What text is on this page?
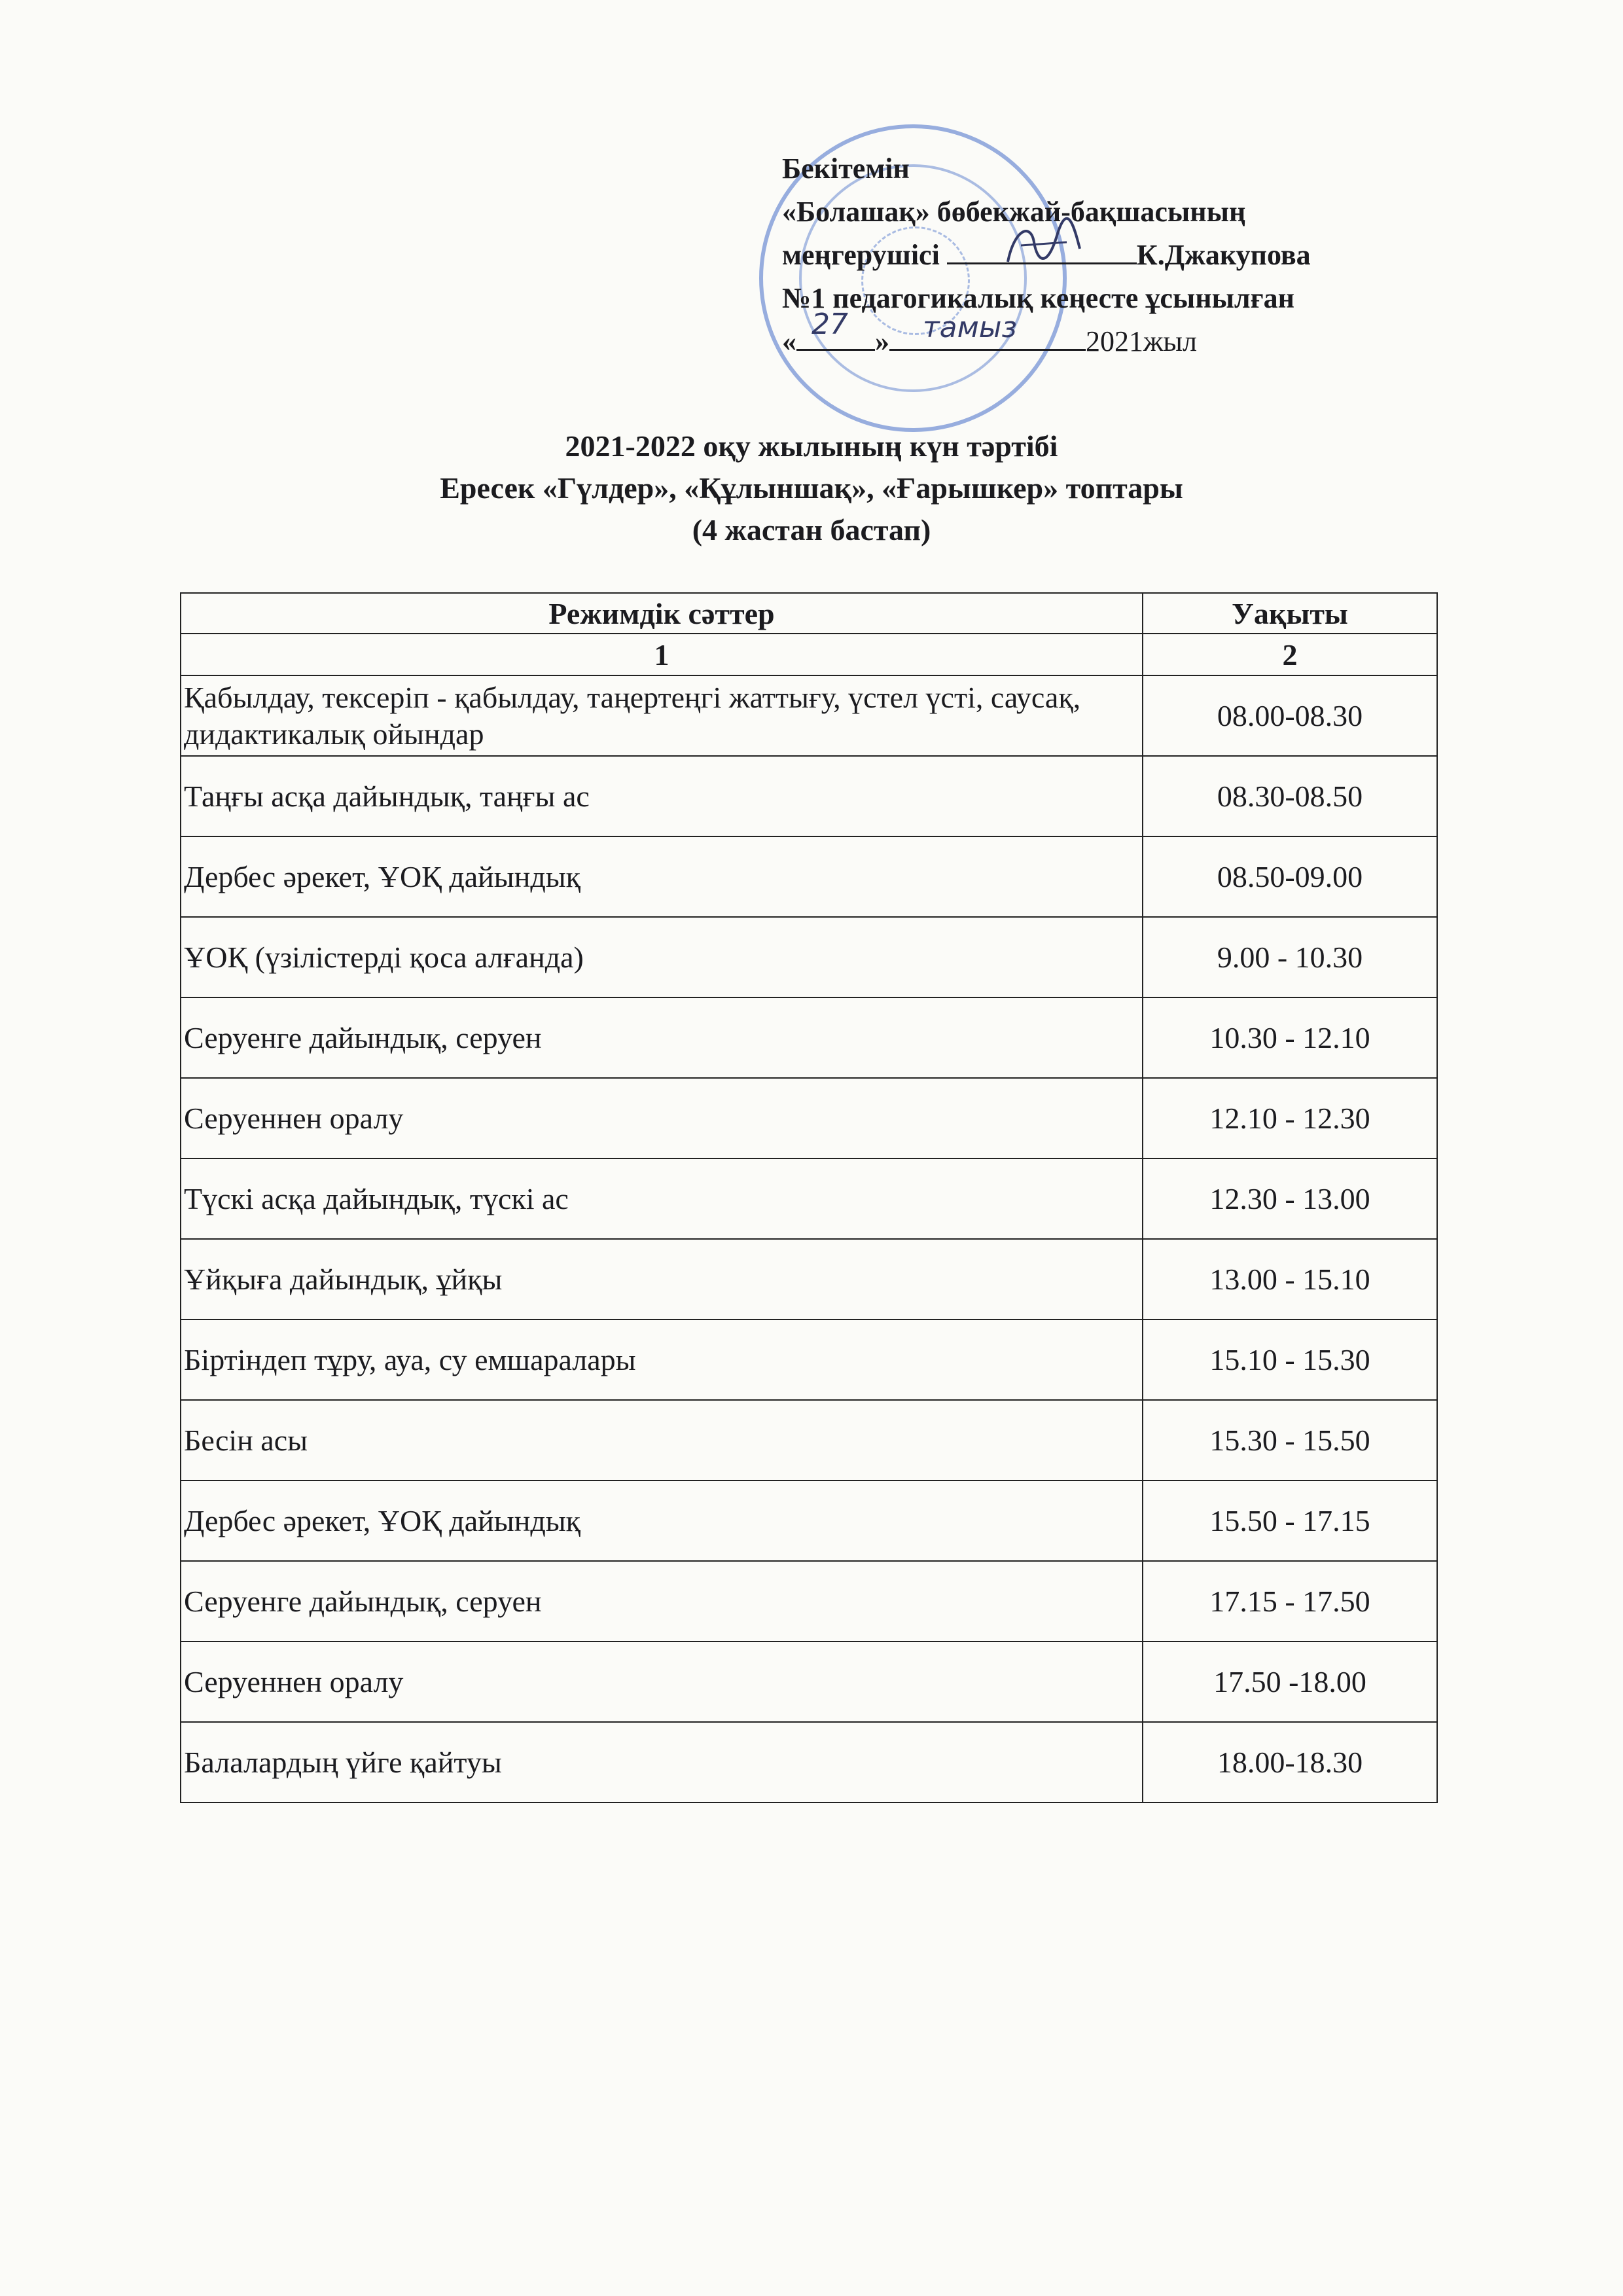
Бекітемін
«Болашақ» бөбекжай-бақшасының
меңгерушісі	К.Джакупова
№1 педагогикалық кеңесте ұсынылған
«	»	2021жыл
27	тамыз
2021-2022 оқу жылының күн тәртібі
Ересек «Гүлдер», «Құлыншақ», «Ғарышкер» топтары
(4 жастан бастап)
Режимдік сәттер	Уақыты
1	2
Қабылдау, тексеріп - қабылдау, таңертеңгі жаттығу, үстел үсті, саусақ, дидактикалық ойындар	08.00-08.30
Таңғы асқа дайындық, таңғы ас	08.30-08.50
Дербес әрекет, ҰОҚ дайындық	08.50-09.00
ҰОҚ (үзілістерді қоса алғанда)	9.00 - 10.30
Серуенге дайындық, серуен	10.30 - 12.10
Серуеннен оралу	12.10 - 12.30
Түскі асқа дайындық, түскі ас	12.30 - 13.00
Ұйқыға дайындық, ұйқы	13.00 - 15.10
Біртіндеп тұру, ауа, су емшаралары	15.10 - 15.30
Бесін асы	15.30 - 15.50
Дербес әрекет, ҰОҚ дайындық	15.50 - 17.15
Серуенге дайындық, серуен	17.15 - 17.50
Серуеннен оралу	17.50 -18.00
Балалардың үйге қайтуы	18.00-18.30
